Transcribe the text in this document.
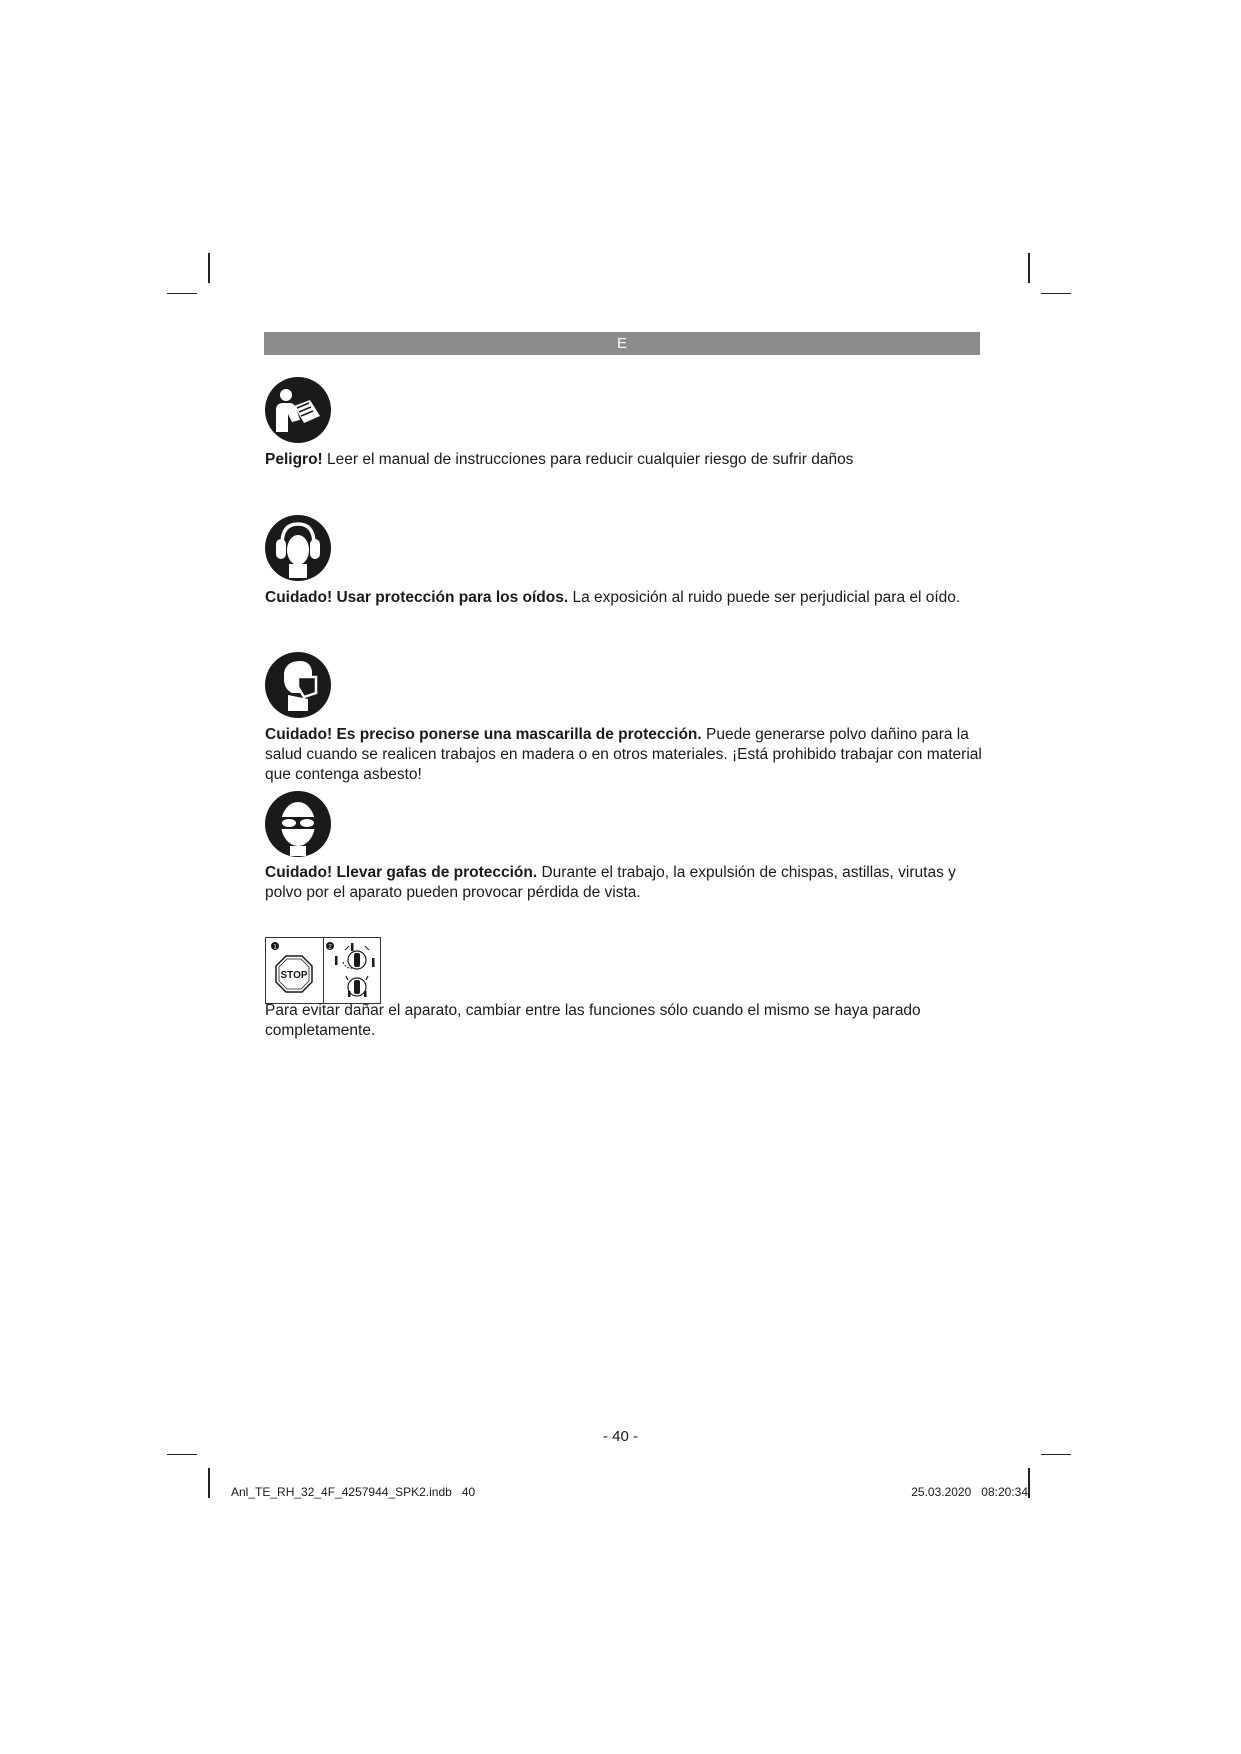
E

Peligro! Leer el manual de instrucciones para reducir cualquier riesgo de sufrir daños

Cuidado! Usar protección para los oídos. La exposición al ruido puede ser perjudicial para el oído.

Cuidado! Es preciso ponerse una mascarilla de protección. Puede generarse polvo dañino para la salud cuando se realicen trabajos en madera o en otros materiales. ¡Está prohibido trabajar con material que contenga asbesto!

Cuidado! Llevar gafas de protección. Durante el trabajo, la expulsión de chispas, astillas, virutas y polvo por el aparato pueden provocar pérdida de vista.

1
STOP
2

Para evitar dañar el aparato, cambiar entre las funciones sólo cuando el mismo se haya parado completamente.

- 40 -
Anl_TE_RH_32_4F_4257944_SPK2.indb   40	25.03.2020   08:20:34
